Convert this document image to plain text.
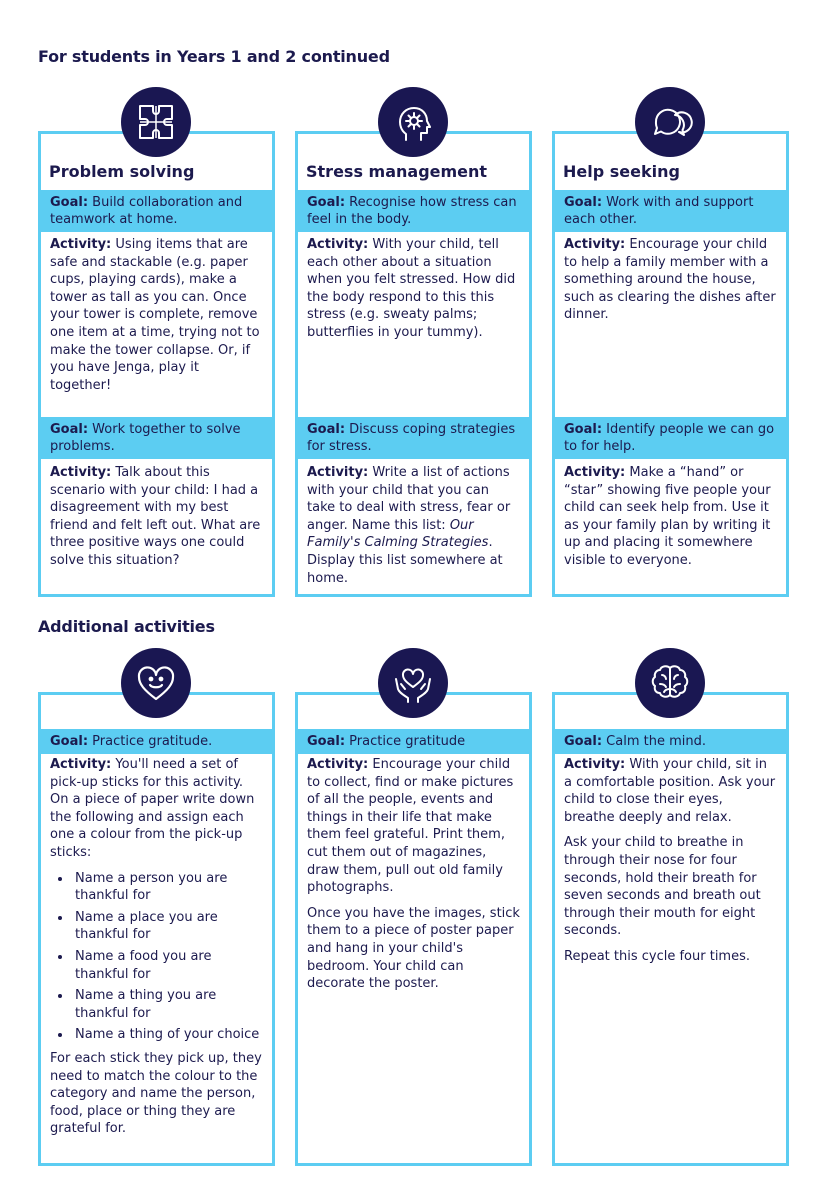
For students in Years 1 and 2 continued
Problem solving
Goal: Build collaboration and teamwork at home.
Activity: Using items that are safe and stackable (e.g. paper cups, playing cards), make a tower as tall as you can. Once your tower is complete, remove one item at a time, trying not to make the tower collapse. Or, if you have Jenga, play it together!
Goal: Work together to solve problems.
Activity: Talk about this scenario with your child: I had a disagreement with my best friend and felt left out. What are three positive ways one could solve this situation?
Stress management
Goal: Recognise how stress can feel in the body.
Activity: With your child, tell each other about a situation when you felt stressed. How did the body respond to this this stress (e.g. sweaty palms; butterflies in your tummy).
Goal: Discuss coping strategies for stress.
Activity: Write a list of actions with your child that you can take to deal with stress, fear or anger. Name this list: Our Family's Calming Strategies. Display this list somewhere at home.
Help seeking
Goal: Work with and support each other.
Activity: Encourage your child to help a family member with a something around the house, such as clearing the dishes after dinner.
Goal: Identify people we can go to for help.
Activity: Make a “hand” or “star” showing five people your child can seek help from. Use it as your family plan by writing it up and placing it somewhere visible to everyone.
Additional activities
Goal: Practice gratitude.

Activity: You'll need a set of pick-up sticks for this activity. On a piece of paper write down the following and assign each one a colour from the pick-up sticks:

• Name a person you are thankful for
• Name a place you are thankful for
• Name a food you are thankful for
• Name a thing you are thankful for
• Name a thing of your choice

For each stick they pick up, they need to match the colour to the category and name the person, food, place or thing they are grateful for.

Goal: Practice gratitude

Activity: Encourage your child to collect, find or make pictures of all the people, events and things in their life that make them feel grateful. Print them, cut them out of magazines, draw them, pull out old family photographs.

Once you have the images, stick them to a piece of poster paper and hang in your child's bedroom. Your child can decorate the poster.

Goal: Calm the mind.

Activity: With your child, sit in a comfortable position. Ask your child to close their eyes, breathe deeply and relax.

Ask your child to breathe in through their nose for four seconds, hold their breath for seven seconds and breath out through their mouth for eight seconds.

Repeat this cycle four times.
